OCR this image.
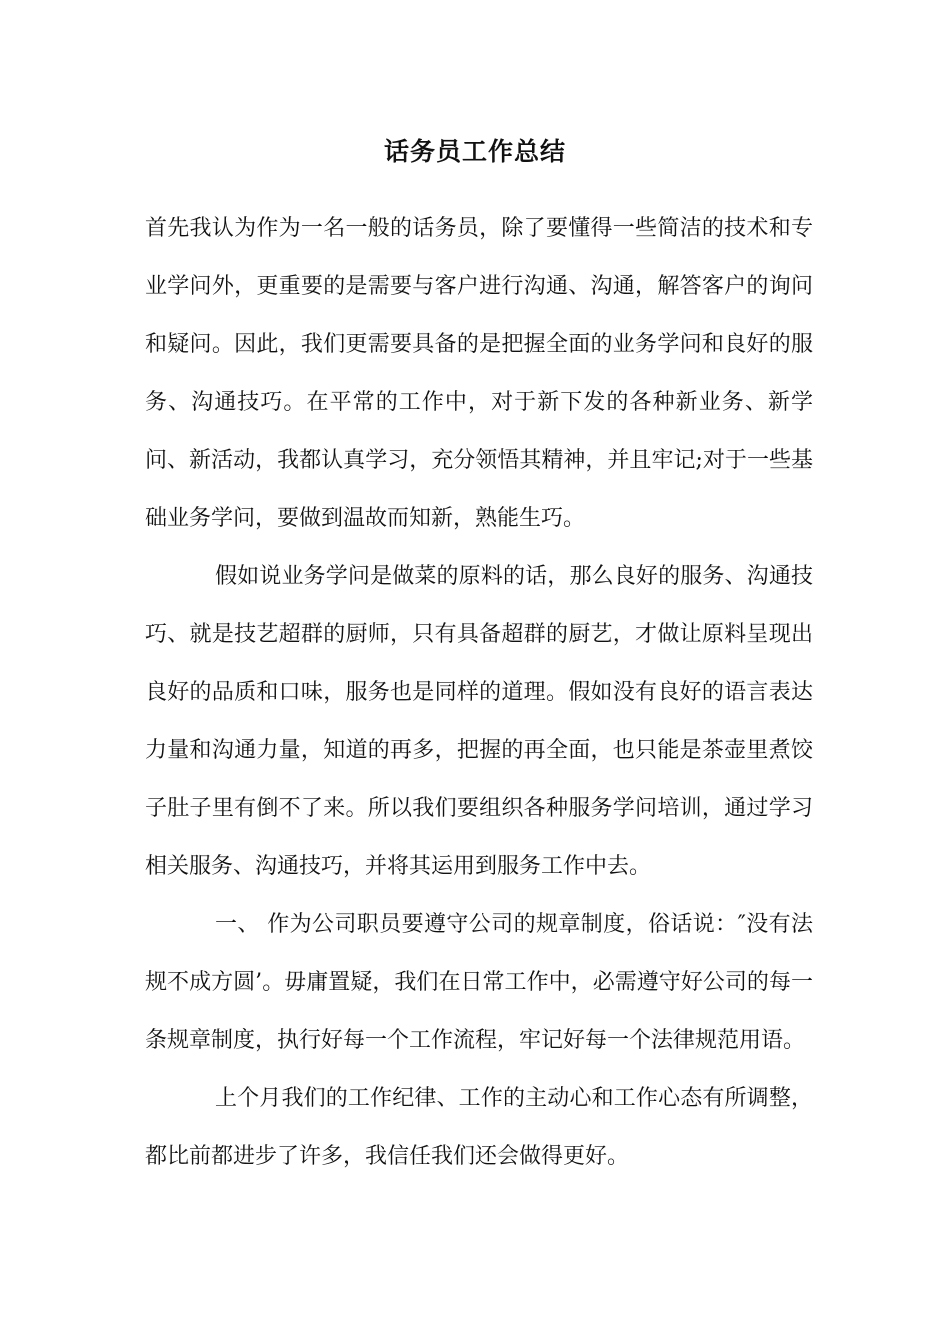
话务员工作总结

首先我认为作为一名一般的话务员，除了要懂得一些简洁的技术和专业学问外，更重要的是需要与客户进行沟通、沟通，解答客户的询问和疑问。因此，我们更需要具备的是把握全面的业务学问和良好的服务、沟通技巧。在平常的工作中，对于新下发的各种新业务、新学问、新活动，我都认真学习，充分领悟其精神，并且牢记;对于一些基础业务学问，要做到温故而知新，熟能生巧。

假如说业务学问是做菜的原料的话，那么良好的服务、沟通技巧、就是技艺超群的厨师，只有具备超群的厨艺，才做让原料呈现出良好的品质和口味，服务也是同样的道理。假如没有良好的语言表达力量和沟通力量，知道的再多，把握的再全面，也只能是茶壶里煮饺子肚子里有倒不了来。所以我们要组织各种服务学问培训，通过学习相关服务、沟通技巧，并将其运用到服务工作中去。

一、 作为公司职员要遵守公司的规章制度，俗话说：″没有法规不成方圆’。毋庸置疑，我们在日常工作中，必需遵守好公司的每一条规章制度，执行好每一个工作流程，牢记好每一个法律规范用语。

上个月我们的工作纪律、工作的主动心和工作心态有所调整，都比前都进步了许多，我信任我们还会做得更好。
